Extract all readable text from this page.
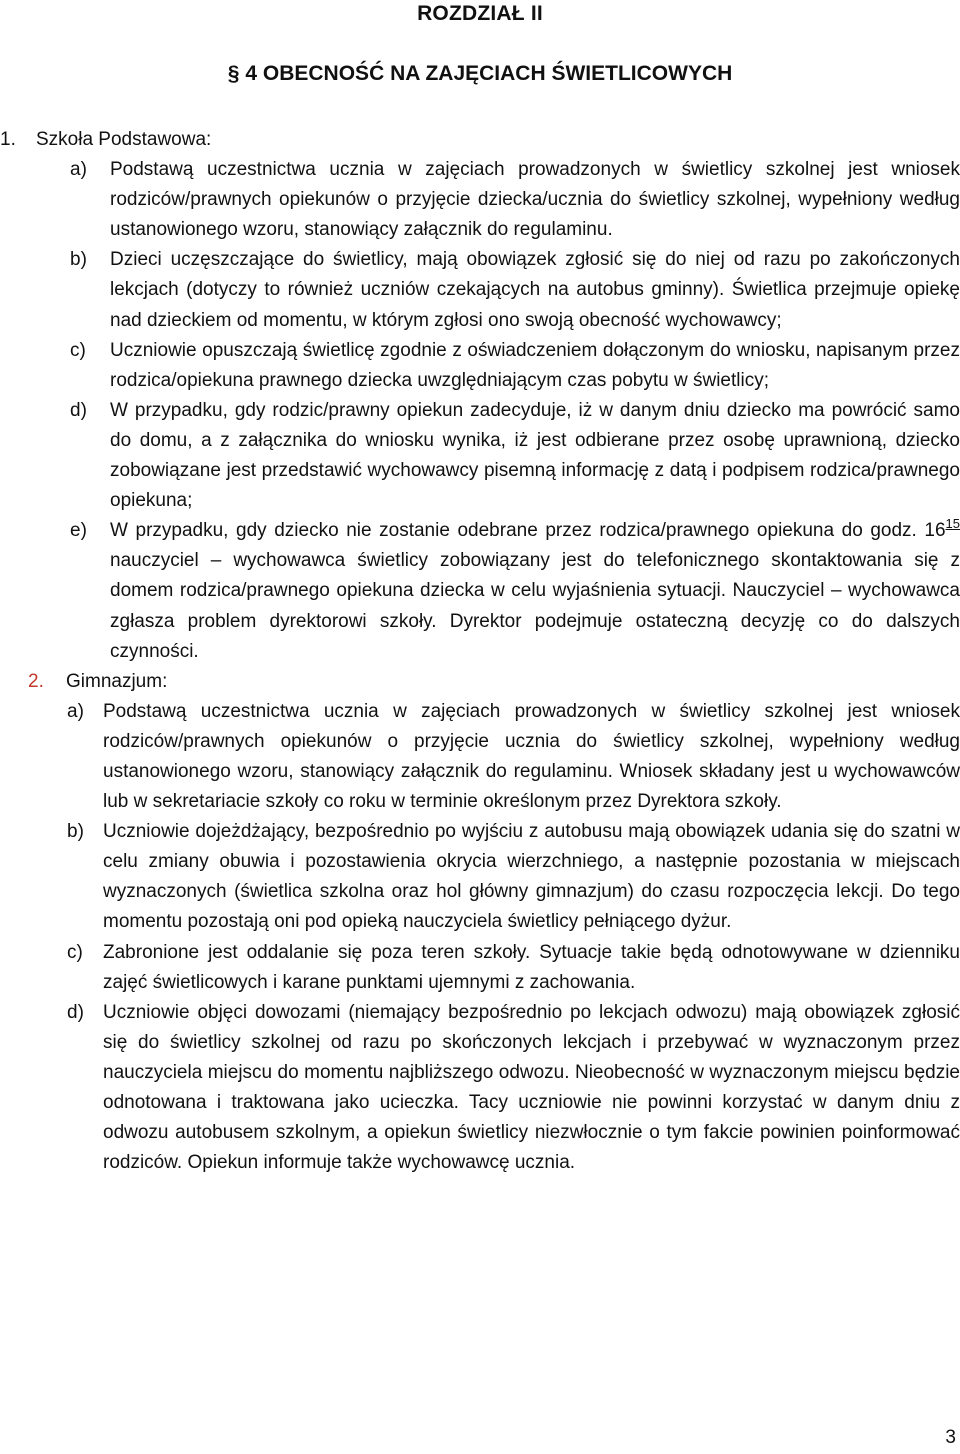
ROZDZIAŁ II
§ 4 OBECNOŚĆ NA ZAJĘCIACH ŚWIETLICOWYCH
1. Szkoła Podstawowa:
a) Podstawą uczestnictwa ucznia w zajęciach prowadzonych w świetlicy szkolnej jest wniosek rodziców/prawnych opiekunów o przyjęcie dziecka/ucznia do świetlicy szkolnej, wypełniony według ustanowionego wzoru, stanowiący załącznik do regulaminu.

b) Dzieci uczęszczające do świetlicy, mają obowiązek zgłosić się do niej od razu po zakończonych lekcjach (dotyczy to również uczniów czekających na autobus gminny). Świetlica przejmuje opiekę nad dzieckiem od momentu, w którym zgłosi ono swoją obecność wychowawcy;

c) Uczniowie opuszczają świetlicę zgodnie z oświadczeniem dołączonym do wniosku, napisanym przez rodzica/opiekuna prawnego dziecka uwzględniającym czas pobytu w świetlicy;

d) W przypadku, gdy rodzic/prawny opiekun zadecyduje, iż w danym dniu dziecko ma powrócić samo do domu, a z załącznika do wniosku wynika, iż jest odbierane przez osobę uprawnioną, dziecko zobowiązane jest przedstawić wychowawcy pisemną informację z datą i podpisem rodzica/prawnego opiekuna;

e) W przypadku, gdy dziecko nie zostanie odebrane przez rodzica/prawnego opiekuna do godz. $16^{15}$ nauczyciel – wychowawca świetlicy zobowiązany jest do telefonicznego skontaktowania się z domem rodzica/prawnego opiekuna dziecka w celu wyjaśnienia sytuacji. Nauczyciel – wychowawca zgłasza problem dyrektorowi szkoły. Dyrektor podejmuje ostateczną decyzję co do dalszych czynności.

2. Gimnazjum:
a) Podstawą uczestnictwa ucznia w zajęciach prowadzonych w świetlicy szkolnej jest wniosek rodziców/prawnych opiekunów o przyjęcie ucznia do świetlicy szkolnej, wypełniony według ustanowionego wzoru, stanowiący załącznik do regulaminu. Wniosek składany jest u wychowawców lub w sekretariacie szkoły co roku w terminie określonym przez Dyrektora szkoły.

b) Uczniowie dojeżdżający, bezpośrednio po wyjściu z autobusu mają obowiązek udania się do szatni w celu zmiany obuwia i pozostawienia okrycia wierzchniego, a następnie pozostania w miejscach wyznaczonych (świetlica szkolna oraz hol główny gimnazjum) do czasu rozpoczęcia lekcji. Do tego momentu pozostają oni pod opieką nauczyciela świetlicy pełniącego dyżur.

c) Zabronione jest oddalanie się poza teren szkoły. Sytuacje takie będą odnotowywane w dzienniku zajęć świetlicowych i karane punktami ujemnymi z zachowania.

d) Uczniowie objęci dowozami (niemający bezpośrednio po lekcjach odwozu) mają obowiązek zgłosić się do świetlicy szkolnej od razu po skończonych lekcjach i przebywać w wyznaczonym przez nauczyciela miejscu do momentu najbliższego odwozu. Nieobecność w wyznaczonym miejscu będzie odnotowana i traktowana jako ucieczka. Tacy uczniowie nie powinni korzystać w danym dniu z odwozu autobusem szkolnym, a opiekun świetlicy niezwłocznie o tym fakcie powinien poinformować rodziców. Opiekun informuje także wychowawcę ucznia.

3
